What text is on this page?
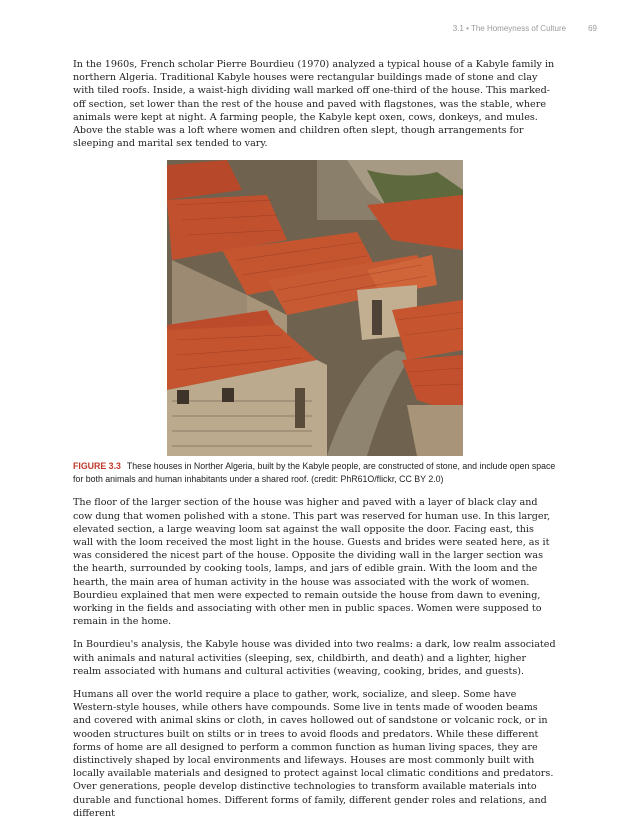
3.1 • The Homeyness of Culture	69

In the 1960s, French scholar Pierre Bourdieu (1970) analyzed a typical house of a Kabyle family in northern Algeria. Traditional Kabyle houses were rectangular buildings made of stone and clay with tiled roofs. Inside, a waist-high dividing wall marked off one-third of the house. This marked-off section, set lower than the rest of the house and paved with flagstones, was the stable, where animals were kept at night. A farming people, the Kabyle kept oxen, cows, donkeys, and mules. Above the stable was a loft where women and children often slept, though arrangements for sleeping and marital sex tended to vary.

FIGURE 3.3 These houses in Norther Algeria, built by the Kabyle people, are constructed of stone, and include open space for both animals and human inhabitants under a shared roof. (credit: PhR61O/flickr, CC BY 2.0)

The floor of the larger section of the house was higher and paved with a layer of black clay and cow dung that women polished with a stone. This part was reserved for human use. In this larger, elevated section, a large weaving loom sat against the wall opposite the door. Facing east, this wall with the loom received the most light in the house. Guests and brides were seated here, as it was considered the nicest part of the house. Opposite the dividing wall in the larger section was the hearth, surrounded by cooking tools, lamps, and jars of edible grain. With the loom and the hearth, the main area of human activity in the house was associated with the work of women. Bourdieu explained that men were expected to remain outside the house from dawn to evening, working in the fields and associating with other men in public spaces. Women were supposed to remain in the home.

In Bourdieu's analysis, the Kabyle house was divided into two realms: a dark, low realm associated with animals and natural activities (sleeping, sex, childbirth, and death) and a lighter, higher realm associated with humans and cultural activities (weaving, cooking, brides, and guests).

Humans all over the world require a place to gather, work, socialize, and sleep. Some have Western-style houses, while others have compounds. Some live in tents made of wooden beams and covered with animal skins or cloth, in caves hollowed out of sandstone or volcanic rock, or in wooden structures built on stilts or in trees to avoid floods and predators. While these different forms of home are all designed to perform a common function as human living spaces, they are distinctively shaped by local environments and lifeways. Houses are most commonly built with locally available materials and designed to protect against local climatic conditions and predators. Over generations, people develop distinctive technologies to transform available materials into durable and functional homes. Different forms of family, different gender roles and relations, and different
